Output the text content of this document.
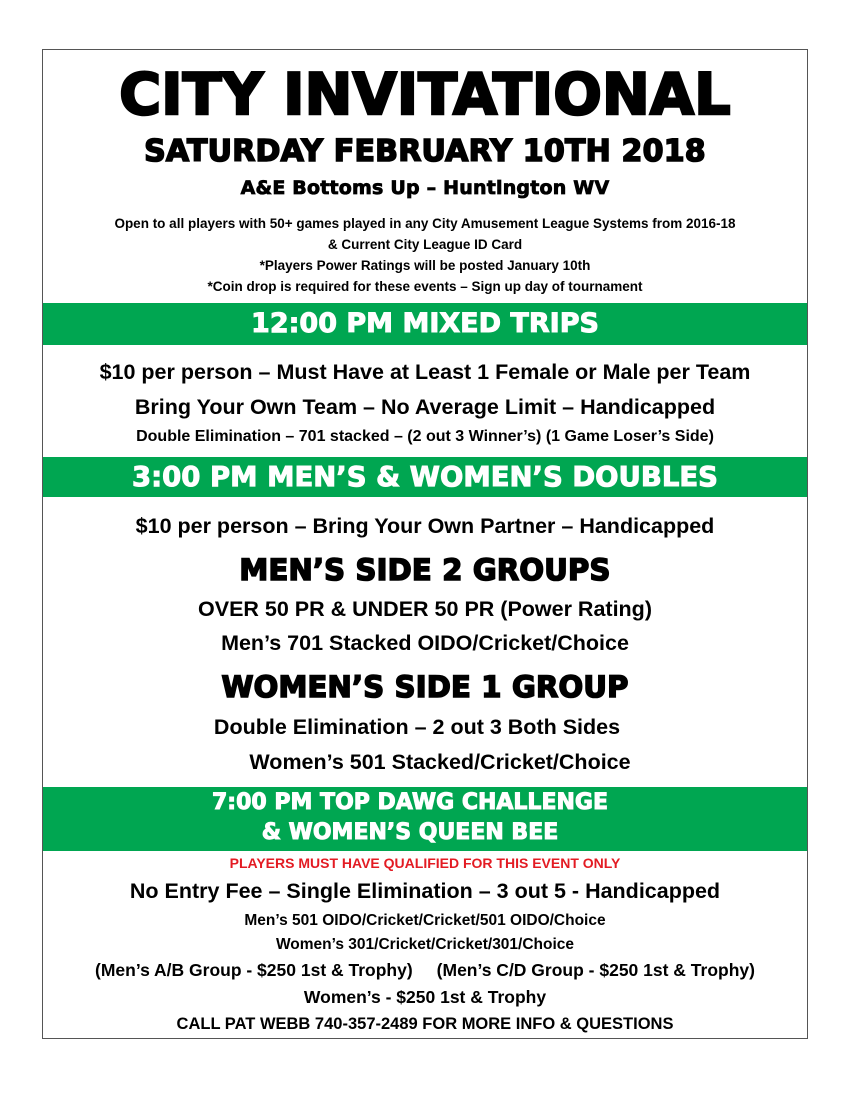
CITY INVITATIONAL
SATURDAY FEBRUARY 10TH 2018
A&E Bottoms Up – Huntington WV
Open to all players with 50+ games played in any City Amusement League Systems from 2016-18
& Current City League ID Card
*Players Power Ratings will be posted January 10th
*Coin drop is required for these events – Sign up day of tournament
12:00 PM MIXED TRIPS
$10 per person – Must Have at Least 1 Female or Male per Team
Bring Your Own Team – No Average Limit – Handicapped
Double Elimination – 701 stacked – (2 out 3 Winner’s) (1 Game Loser’s Side)
3:00 PM MEN’S & WOMEN’S DOUBLES
$10 per person – Bring Your Own Partner – Handicapped
MEN’S SIDE 2 GROUPS
OVER 50 PR & UNDER 50 PR (Power Rating)
Men’s 701 Stacked OIDO/Cricket/Choice
WOMEN’S SIDE 1 GROUP
Double Elimination – 2 out 3 Both Sides
Women’s 501 Stacked/Cricket/Choice
7:00 PM TOP DAWG CHALLENGE
& WOMEN’S QUEEN BEE
PLAYERS MUST HAVE QUALIFIED FOR THIS EVENT ONLY
No Entry Fee – Single Elimination – 3 out 5 - Handicapped
Men’s 501 OIDO/Cricket/Cricket/501 OIDO/Choice
Women’s 301/Cricket/Cricket/301/Choice
(Men’s A/B Group - $250 1st & Trophy) (Men’s C/D Group - $250 1st & Trophy)
Women’s - $250 1st & Trophy
CALL PAT WEBB 740-357-2489 FOR MORE INFO & QUESTIONS
